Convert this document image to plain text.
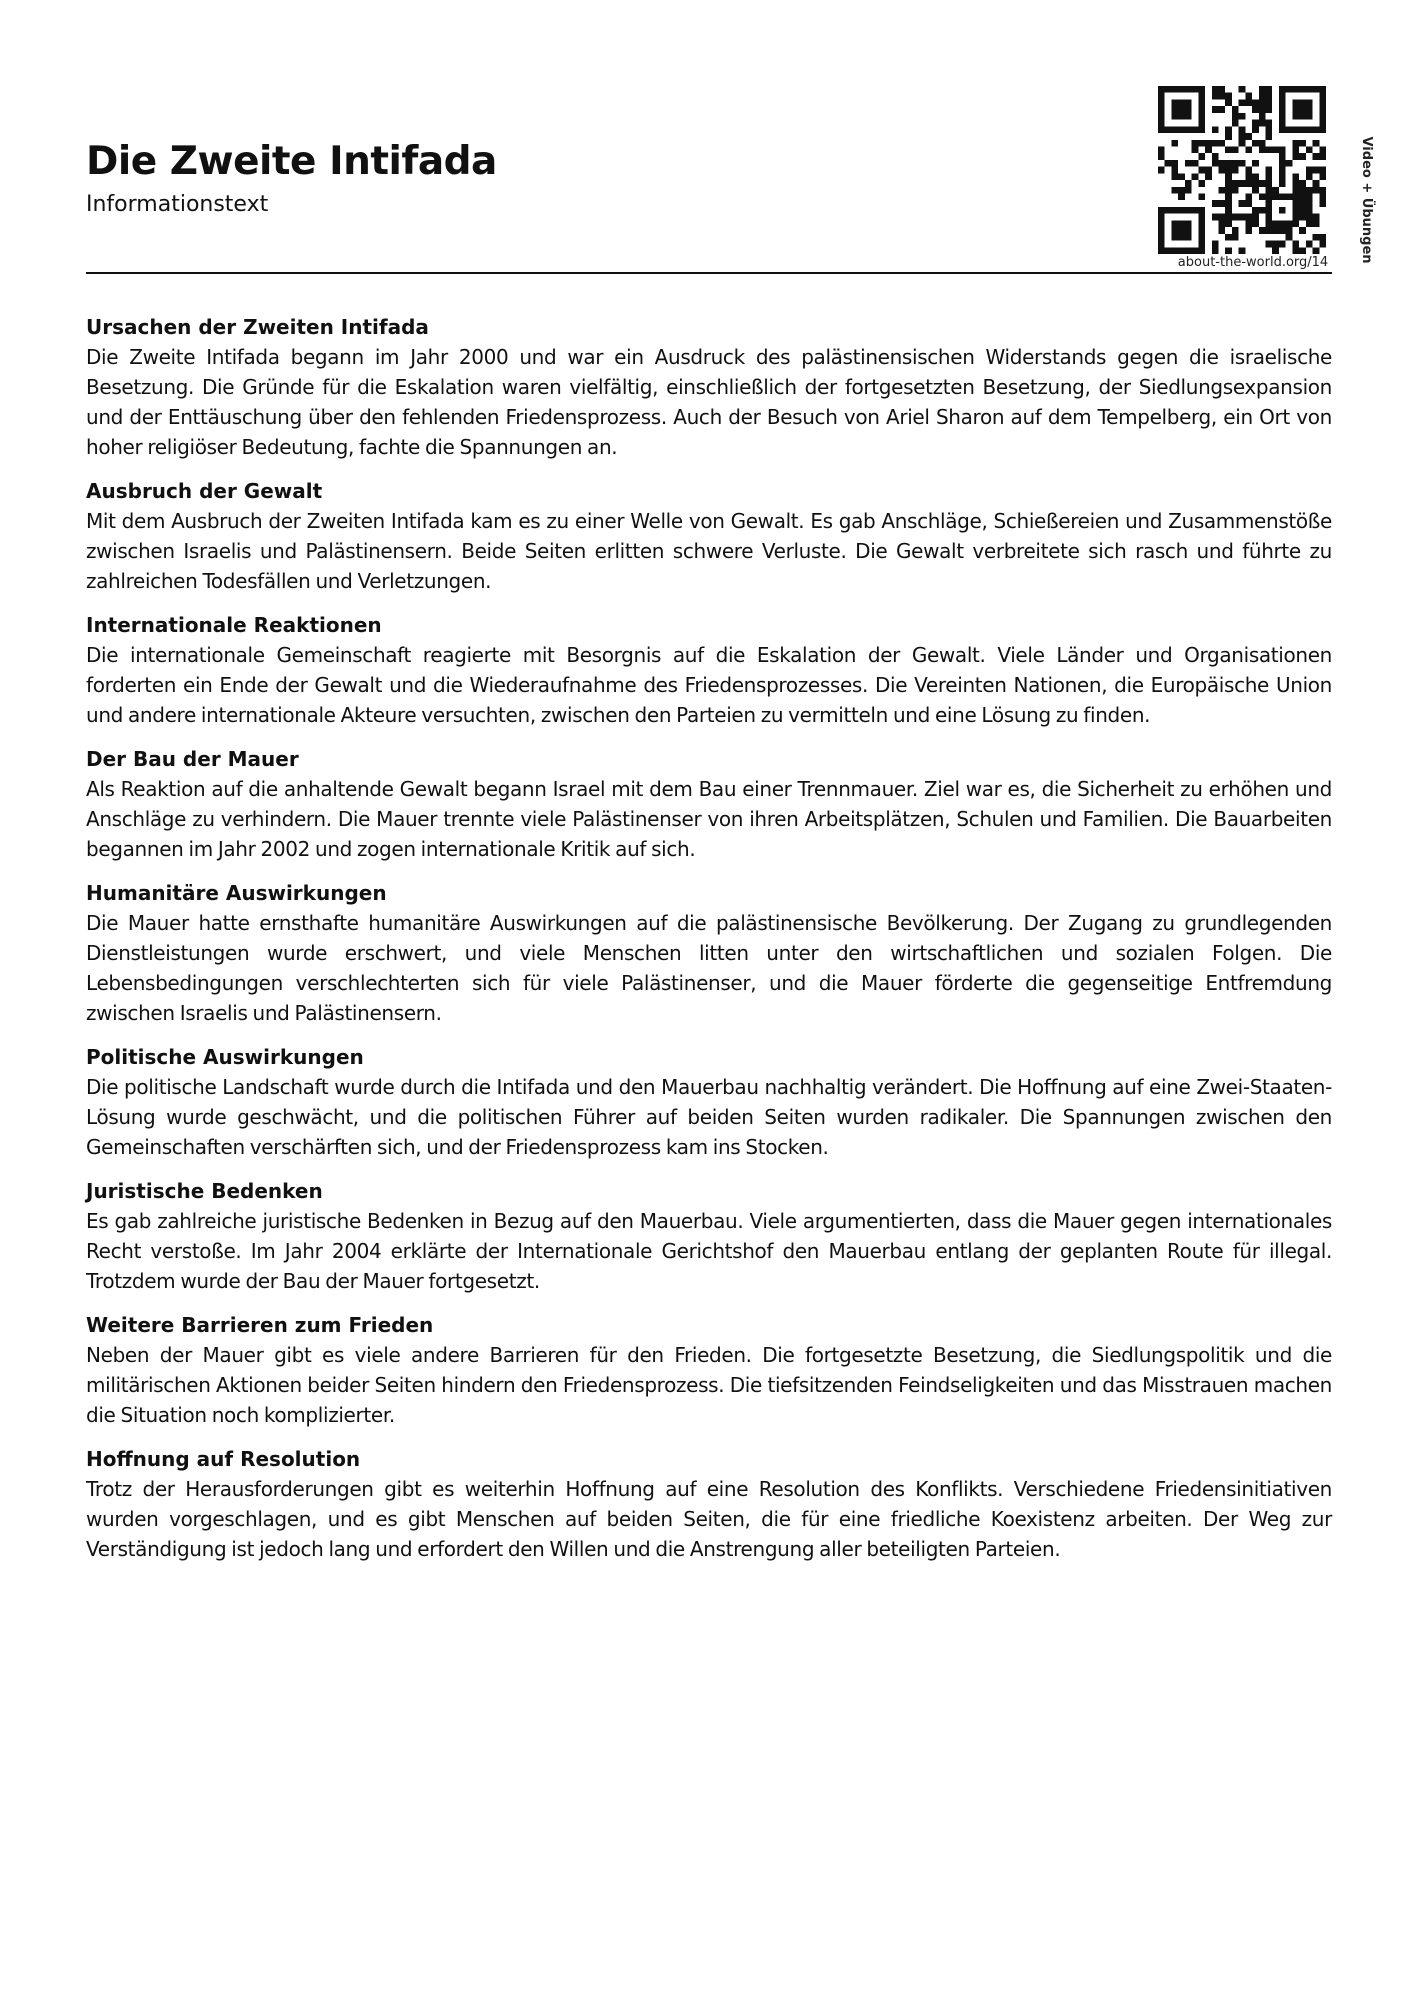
Die Zweite Intifada
Informationstext
about-the-world.org/14	Video + Übungen
Ursachen der Zweiten Intifada

Die Zweite Intifada begann im Jahr 2000 und war ein Ausdruck des palästinensischen Widerstands gegen die israelische Besetzung. Die Gründe für die Eskalation waren vielfältig, einschließlich der fortgesetzten Besetzung, der Siedlungsexpansion und der Enttäuschung über den fehlenden Friedensprozess. Auch der Besuch von Ariel Sharon auf dem Tempelberg, ein Ort von hoher religiöser Bedeutung, fachte die Spannungen an.

Ausbruch der Gewalt

Mit dem Ausbruch der Zweiten Intifada kam es zu einer Welle von Gewalt. Es gab Anschläge, Schießereien und Zusammenstöße zwischen Israelis und Palästinensern. Beide Seiten erlitten schwere Verluste. Die Gewalt verbreitete sich rasch und führte zu zahlreichen Todesfällen und Verletzungen.

Internationale Reaktionen

Die internationale Gemeinschaft reagierte mit Besorgnis auf die Eskalation der Gewalt. Viele Länder und Organisationen forderten ein Ende der Gewalt und die Wiederaufnahme des Friedensprozesses. Die Vereinten Nationen, die Europäische Union und andere internationale Akteure versuchten, zwischen den Parteien zu vermitteln und eine Lösung zu finden.

Der Bau der Mauer

Als Reaktion auf die anhaltende Gewalt begann Israel mit dem Bau einer Trennmauer. Ziel war es, die Sicherheit zu erhöhen und Anschläge zu verhindern. Die Mauer trennte viele Palästinenser von ihren Arbeitsplätzen, Schulen und Familien. Die Bauarbeiten begannen im Jahr 2002 und zogen internationale Kritik auf sich.

Humanitäre Auswirkungen

Die Mauer hatte ernsthafte humanitäre Auswirkungen auf die palästinensische Bevölkerung. Der Zugang zu grundlegenden Dienstleistungen wurde erschwert, und viele Menschen litten unter den wirtschaftlichen und sozialen Folgen. Die Lebensbedingungen verschlechterten sich für viele Palästinenser, und die Mauer förderte die gegenseitige Entfremdung zwischen Israelis und Palästinensern.

Politische Auswirkungen

Die politische Landschaft wurde durch die Intifada und den Mauerbau nachhaltig verändert. Die Hoffnung auf eine Zwei-Staaten-Lösung wurde geschwächt, und die politischen Führer auf beiden Seiten wurden radikaler. Die Spannungen zwischen den Gemeinschaften verschärften sich, und der Friedensprozess kam ins Stocken.

Juristische Bedenken

Es gab zahlreiche juristische Bedenken in Bezug auf den Mauerbau. Viele argumentierten, dass die Mauer gegen internationales Recht verstoße. Im Jahr 2004 erklärte der Internationale Gerichtshof den Mauerbau entlang der geplanten Route für illegal. Trotzdem wurde der Bau der Mauer fortgesetzt.

Weitere Barrieren zum Frieden

Neben der Mauer gibt es viele andere Barrieren für den Frieden. Die fortgesetzte Besetzung, die Siedlungspolitik und die militärischen Aktionen beider Seiten hindern den Friedensprozess. Die tiefsitzenden Feindseligkeiten und das Misstrauen machen die Situation noch komplizierter.

Hoffnung auf Resolution

Trotz der Herausforderungen gibt es weiterhin Hoffnung auf eine Resolution des Konflikts. Verschiedene Friedensinitiativen wurden vorgeschlagen, und es gibt Menschen auf beiden Seiten, die für eine friedliche Koexistenz arbeiten. Der Weg zur Verständigung ist jedoch lang und erfordert den Willen und die Anstrengung aller beteiligten Parteien.
